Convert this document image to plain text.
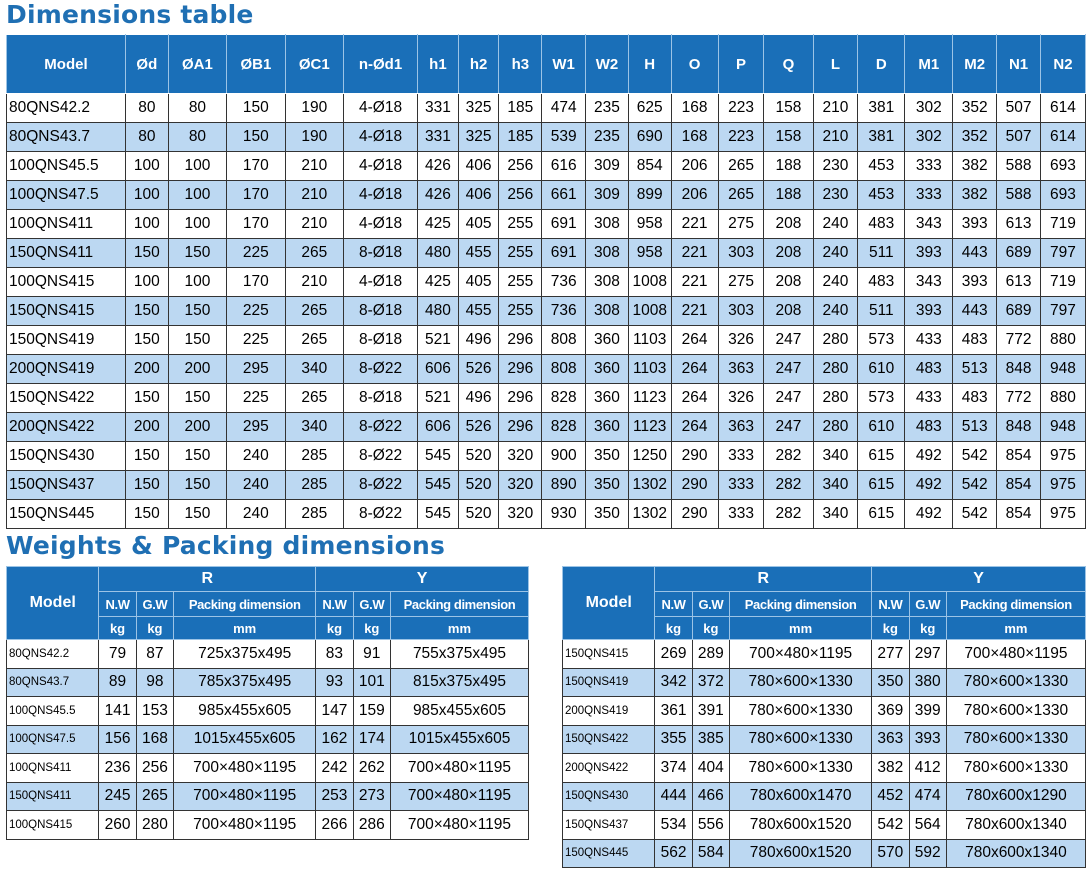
Dimensions table
Model	Ød	ØA1	ØB1	ØC1	n-Ød1	h1	h2	h3	W1	W2	H	O	P	Q	L	D	M1	M2	N1	N2
80QNS42.2	80	80	150	190	4-Ø18	331	325	185	474	235	625	168	223	158	210	381	302	352	507	614
80QNS43.7	80	80	150	190	4-Ø18	331	325	185	539	235	690	168	223	158	210	381	302	352	507	614
100QNS45.5	100	100	170	210	4-Ø18	426	406	256	616	309	854	206	265	188	230	453	333	382	588	693
100QNS47.5	100	100	170	210	4-Ø18	426	406	256	661	309	899	206	265	188	230	453	333	382	588	693
100QNS411	100	100	170	210	4-Ø18	425	405	255	691	308	958	221	275	208	240	483	343	393	613	719
150QNS411	150	150	225	265	8-Ø18	480	455	255	691	308	958	221	303	208	240	511	393	443	689	797
100QNS415	100	100	170	210	4-Ø18	425	405	255	736	308	1008	221	275	208	240	483	343	393	613	719
150QNS415	150	150	225	265	8-Ø18	480	455	255	736	308	1008	221	303	208	240	511	393	443	689	797
150QNS419	150	150	225	265	8-Ø18	521	496	296	808	360	1103	264	326	247	280	573	433	483	772	880
200QNS419	200	200	295	340	8-Ø22	606	526	296	808	360	1103	264	363	247	280	610	483	513	848	948
150QNS422	150	150	225	265	8-Ø18	521	496	296	828	360	1123	264	326	247	280	573	433	483	772	880
200QNS422	200	200	295	340	8-Ø22	606	526	296	828	360	1123	264	363	247	280	610	483	513	848	948
150QNS430	150	150	240	285	8-Ø22	545	520	320	900	350	1250	290	333	282	340	615	492	542	854	975
150QNS437	150	150	240	285	8-Ø22	545	520	320	890	350	1302	290	333	282	340	615	492	542	854	975
150QNS445	150	150	240	285	8-Ø22	545	520	320	930	350	1302	290	333	282	340	615	492	542	854	975
Weights & Packing dimensions
Model	R			Y		
	N.W	G.W	Packing dimension	N.W	G.W	Packing dimension
	kg	kg	mm	kg	kg	mm
80QNS42.2	79	87	725x375x495	83	91	755x375x495
80QNS43.7	89	98	785x375x495	93	101	815x375x495
100QNS45.5	141	153	985x455x605	147	159	985x455x605
100QNS47.5	156	168	1015x455x605	162	174	1015x455x605
100QNS411	236	256	700×480×1195	242	262	700×480×1195
150QNS411	245	265	700×480×1195	253	273	700×480×1195
100QNS415	260	280	700×480×1195	266	286	700×480×1195
Model	R			Y		
	N.W	G.W	Packing dimension	N.W	G.W	Packing dimension
	kg	kg	mm	kg	kg	mm
150QNS415	269	289	700×480×1195	277	297	700×480×1195
150QNS419	342	372	780×600×1330	350	380	780×600×1330
200QNS419	361	391	780×600×1330	369	399	780×600×1330
150QNS422	355	385	780×600×1330	363	393	780×600×1330
200QNS422	374	404	780×600×1330	382	412	780×600×1330
150QNS430	444	466	780x600x1470	452	474	780x600x1290
150QNS437	534	556	780x600x1520	542	564	780x600x1340
150QNS445	562	584	780x600x1520	570	592	780x600x1340
